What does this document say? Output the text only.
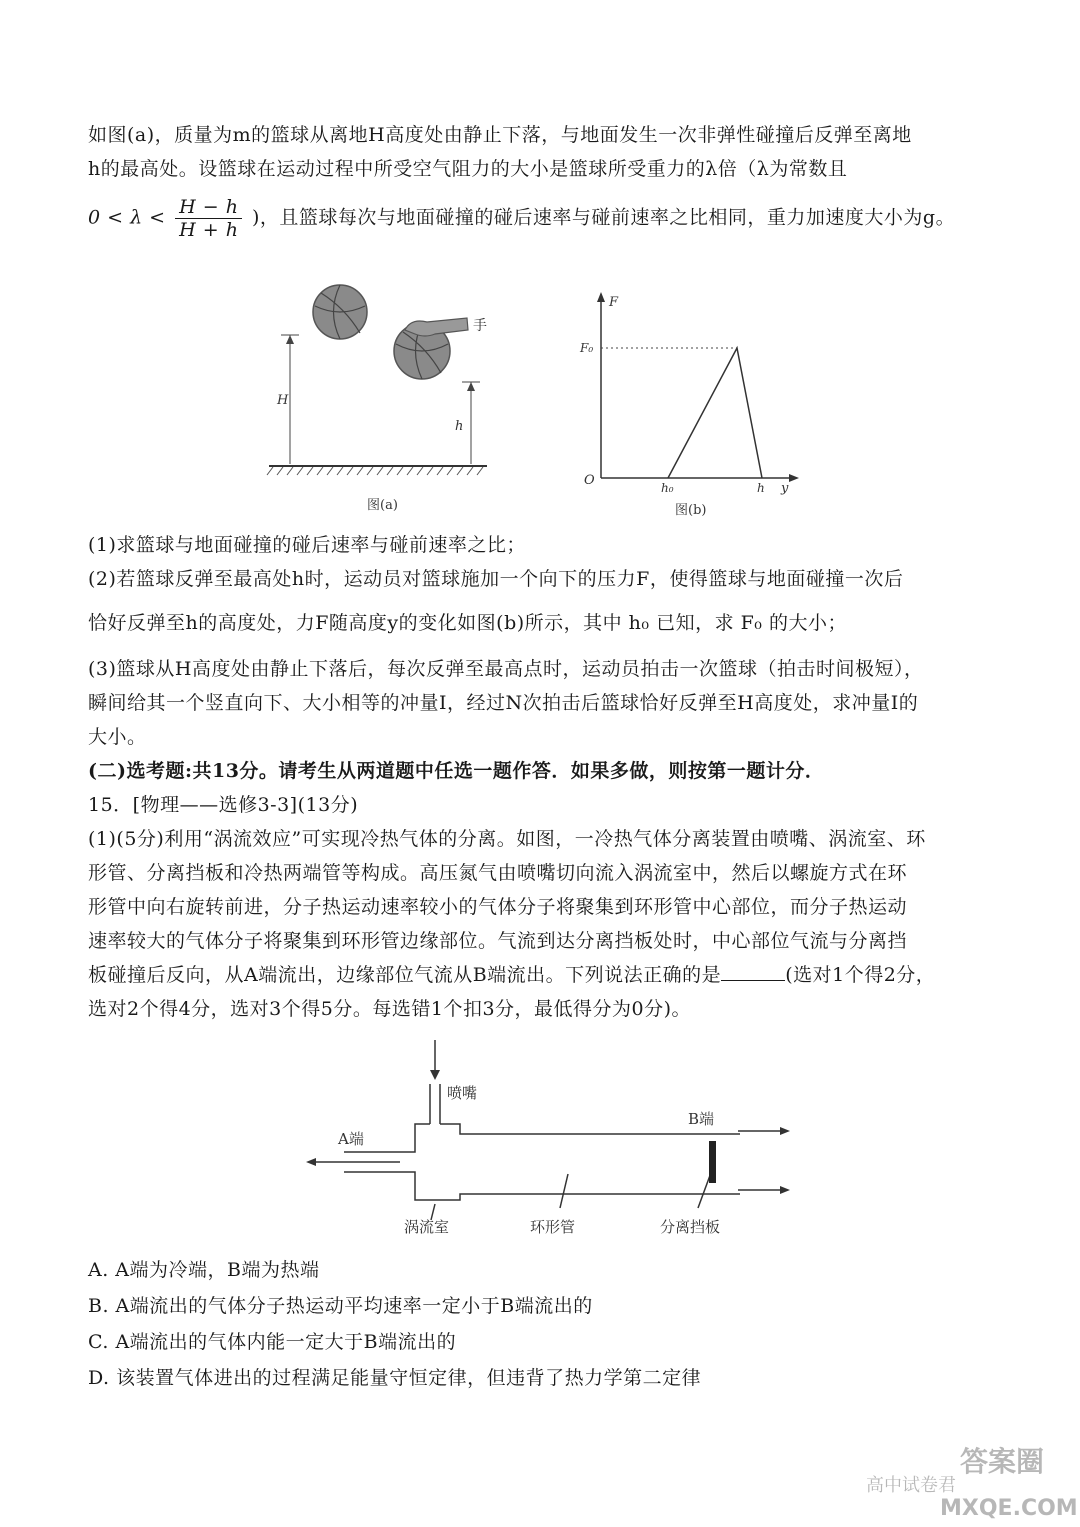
如图(a)，质量为m的篮球从离地H高度处由静止下落，与地面发生一次非弹性碰撞后反弹至离地
h的最高处。设篮球在运动过程中所受空气阻力的大小是篮球所受重力的λ倍（λ为常数且
$0 < \lambda < \frac{H - h}{H + h}$ )，且篮球每次与地面碰撞的碰后速率与碰前速率之比相同，重力加速度大小为g。
手
H
h
图(a)
F
y
O
F₀
h₀	h
图(b)
(1)求篮球与地面碰撞的碰后速率与碰前速率之比；
(2)若篮球反弹至最高处h时，运动员对篮球施加一个向下的压力F，使得篮球与地面碰撞一次后
恰好反弹至h的高度处，力F随高度y的变化如图(b)所示，其中 h₀ 已知，求 F₀ 的大小；
(3)篮球从H高度处由静止下落后，每次反弹至最高点时，运动员拍击一次篮球（拍击时间极短），
瞬间给其一个竖直向下、大小相等的冲量I，经过N次拍击后篮球恰好反弹至H高度处，求冲量I的
大小。
(二)选考题:共13分。请考生从两道题中任选一题作答．如果多做，则按第一题计分．
15．[物理——选修3-3](13分)
(1)(5分)利用“涡流效应”可实现冷热气体的分离。如图，一冷热气体分离装置由喷嘴、涡流室、环
形管、分离挡板和冷热两端管等构成。高压氮气由喷嘴切向流入涡流室中，然后以螺旋方式在环
形管中向右旋转前进，分子热运动速率较小的气体分子将聚集到环形管中心部位，而分子热运动
速率较大的气体分子将聚集到环形管边缘部位。气流到达分离挡板处时，中心部位气流与分离挡
板碰撞后反向，从A端流出，边缘部位气流从B端流出。下列说法正确的是	(选对1个得2分，
选对2个得4分，选对3个得5分。每选错1个扣3分，最低得分为0分)。
喷嘴
A端
B端
涡流室	环形管	分离挡板
A. A端为冷端，B端为热端
B. A端流出的气体分子热运动平均速率一定小于B端流出的
C. A端流出的气体内能一定大于B端流出的
D. 该装置气体进出的过程满足能量守恒定律，但违背了热力学第二定律
答案圈
高中试卷君
MXQE.COM
